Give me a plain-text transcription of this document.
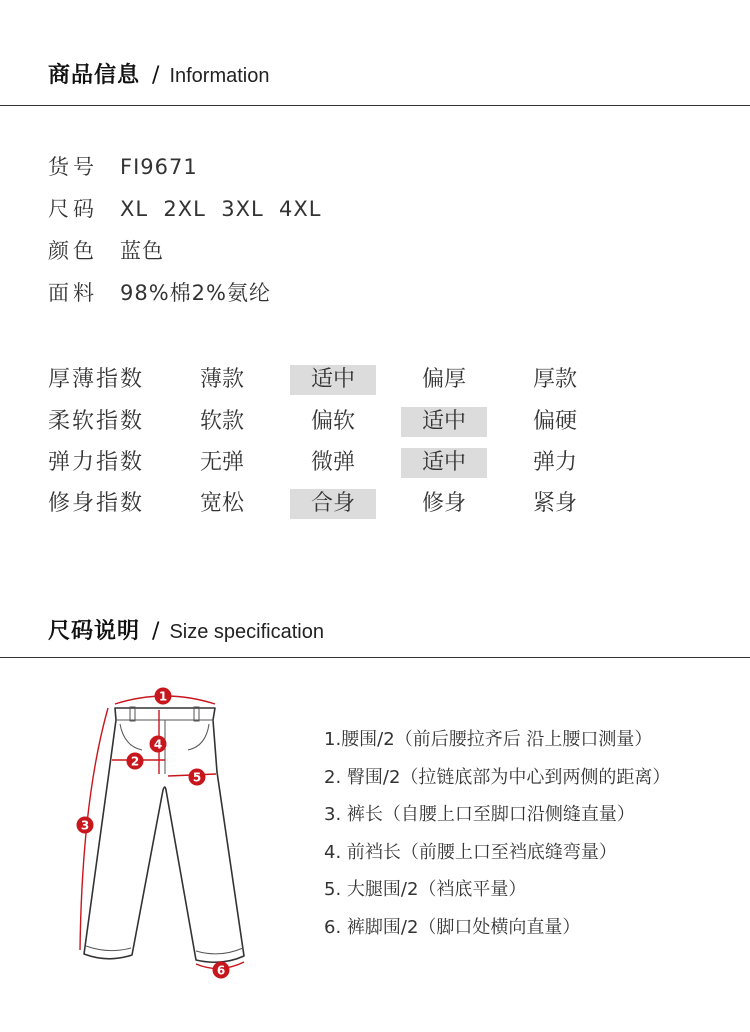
商品信息 / Information
货号 FI9671
尺码 XL  2XL  3XL  4XL
颜色 蓝色
面料 98%棉2%氨纶
厚薄指数	薄款	适中	偏厚	厚款
柔软指数	软款	偏软	适中	偏硬
弹力指数	无弹	微弹	适中	弹力
修身指数	宽松	合身	修身	紧身
尺码说明 / Size specification
1
2
3
4
5
6
1.腰围/2（前后腰拉齐后 沿上腰口测量）
2. 臀围/2（拉链底部为中心到两侧的距离）
3. 裤长（自腰上口至脚口沿侧缝直量）
4. 前裆长（前腰上口至裆底缝弯量）
5. 大腿围/2（裆底平量）
6. 裤脚围/2（脚口处横向直量）
